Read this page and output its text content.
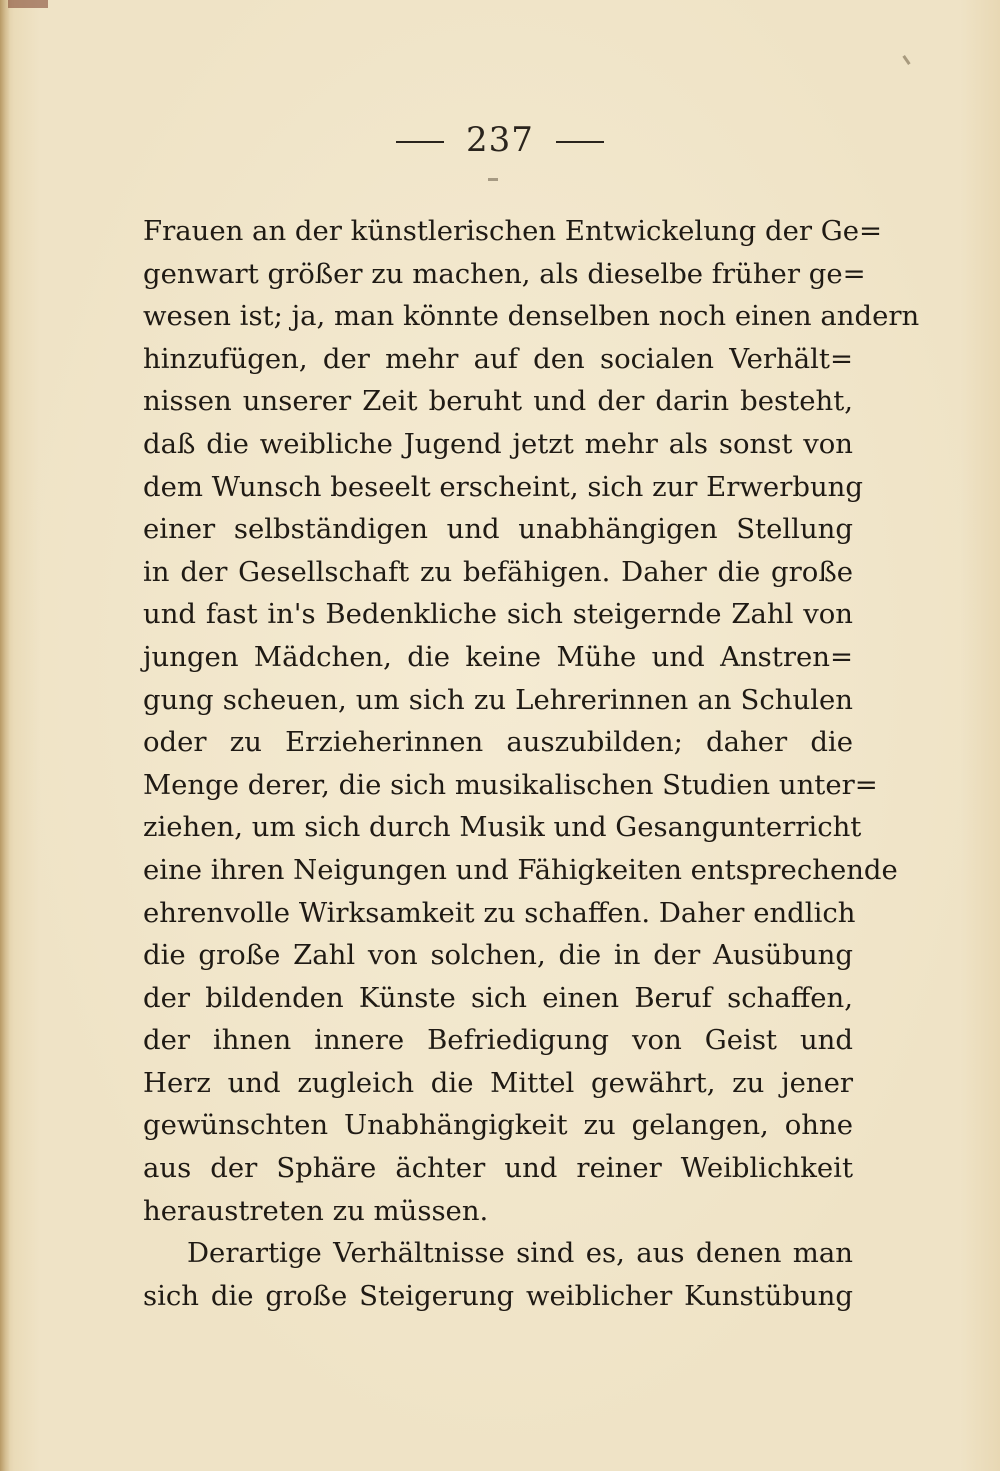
237
Frauen an der künstlerischen Entwickelung der Ge=
genwart größer zu machen, als dieselbe früher ge=
wesen ist; ja, man könnte denselben noch einen andern
hinzufügen, der mehr auf den socialen Verhält=
nissen unserer Zeit beruht und der darin besteht,
daß die weibliche Jugend jetzt mehr als sonst von
dem Wunsch beseelt erscheint, sich zur Erwerbung
einer selbständigen und unabhängigen Stellung
in der Gesellschaft zu befähigen. Daher die große
und fast in's Bedenkliche sich steigernde Zahl von
jungen Mädchen, die keine Mühe und Anstren=
gung scheuen, um sich zu Lehrerinnen an Schulen
oder zu Erzieherinnen auszubilden; daher die
Menge derer, die sich musikalischen Studien unter=
ziehen, um sich durch Musik und Gesangunterricht
eine ihren Neigungen und Fähigkeiten entsprechende
ehrenvolle Wirksamkeit zu schaffen. Daher endlich
die große Zahl von solchen, die in der Ausübung
der bildenden Künste sich einen Beruf schaffen,
der ihnen innere Befriedigung von Geist und
Herz und zugleich die Mittel gewährt, zu jener
gewünschten Unabhängigkeit zu gelangen, ohne
aus der Sphäre ächter und reiner Weiblichkeit
heraustreten zu müssen.
Derartige Verhältnisse sind es, aus denen man
sich die große Steigerung weiblicher Kunstübung
